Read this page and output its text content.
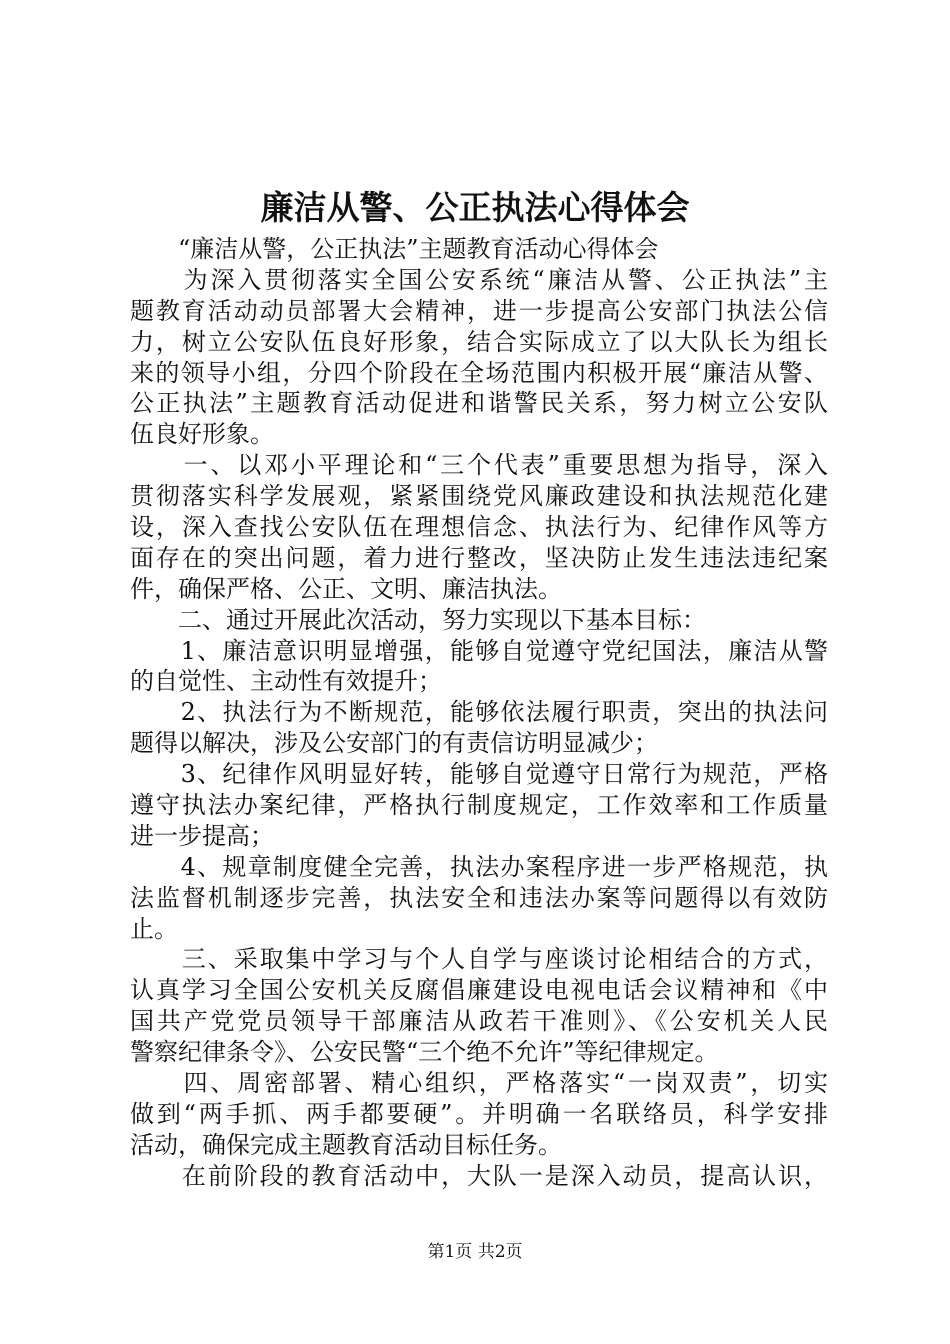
廉洁从警、公正执法心得体会
　　“廉洁从警，公正执法”主题教育活动心得体会
　　为深入贯彻落实全国公安系统“廉洁从警、公正执法”主
题教育活动动员部署大会精神，进一步提高公安部门执法公信
力，树立公安队伍良好形象，结合实际成立了以大队长为组长
来的领导小组，分四个阶段在全场范围内积极开展“廉洁从警、
公正执法”主题教育活动促进和谐警民关系，努力树立公安队
伍良好形象。
　　一、以邓小平理论和“三个代表”重要思想为指导，深入
贯彻落实科学发展观，紧紧围绕党风廉政建设和执法规范化建
设，深入查找公安队伍在理想信念、执法行为、纪律作风等方
面存在的突出问题，着力进行整改，坚决防止发生违法违纪案
件，确保严格、公正、文明、廉洁执法。
　　二、通过开展此次活动，努力实现以下基本目标：
　　1、廉洁意识明显增强，能够自觉遵守党纪国法，廉洁从警
的自觉性、主动性有效提升；
　　2、执法行为不断规范，能够依法履行职责，突出的执法问
题得以解决，涉及公安部门的有责信访明显减少；
　　3、纪律作风明显好转，能够自觉遵守日常行为规范，严格
遵守执法办案纪律，严格执行制度规定，工作效率和工作质量
进一步提高；
　　4、规章制度健全完善，执法办案程序进一步严格规范，执
法监督机制逐步完善，执法安全和违法办案等问题得以有效防
止。
　　三、采取集中学习与个人自学与座谈讨论相结合的方式，
认真学习全国公安机关反腐倡廉建设电视电话会议精神和《中
国共产党党员领导干部廉洁从政若干准则》、《公安机关人民
警察纪律条令》、公安民警“三个绝不允许”等纪律规定。
　　四、周密部署、精心组织，严格落实“一岗双责”，切实
做到“两手抓、两手都要硬”。并明确一名联络员，科学安排
活动，确保完成主题教育活动目标任务。
　　在前阶段的教育活动中，大队一是深入动员，提高认识，
第1页 共2页
